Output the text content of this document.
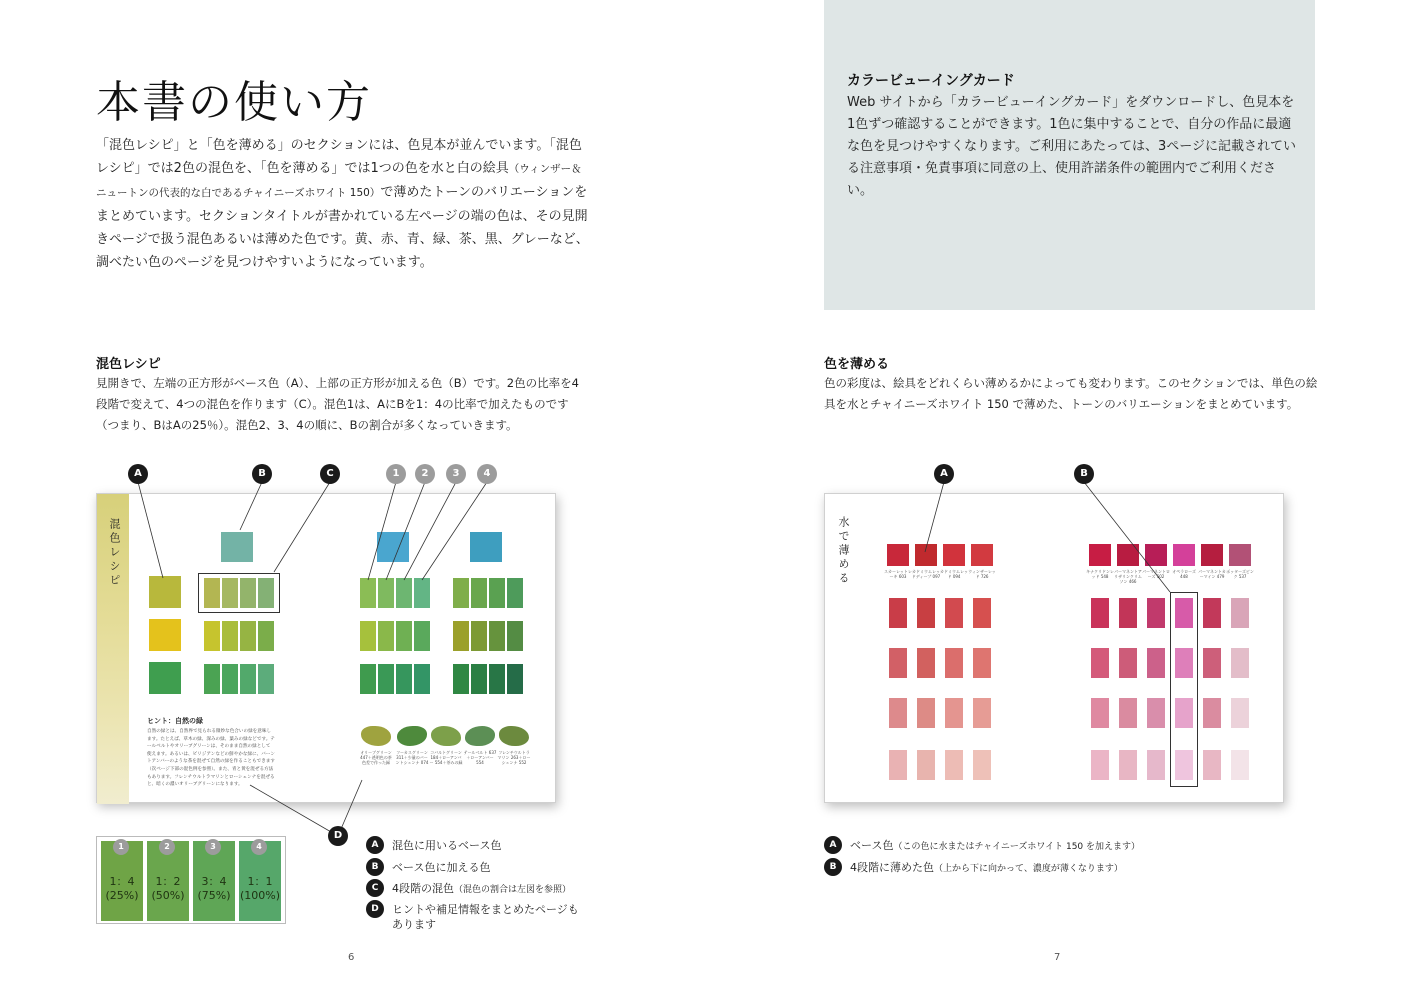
本書の使い方

「混色レシピ」と「色を薄める」のセクションには、色見本が並んでいます。「混色レシピ」では2色の混色を、「色を薄める」では1つの色を水と白の絵具（ウィンザー＆ニュートンの代表的な白であるチャイニーズホワイト 150）で薄めたトーンのバリエーションをまとめています。セクションタイトルが書かれている左ページの端の色は、その見開きページで扱う混色あるいは薄めた色です。黄、赤、青、緑、茶、黒、グレーなど、調べたい色のページを見つけやすいようになっています。

混色レシピ

見開きで、左端の正方形がベース色（A）、上部の正方形が加える色（B）です。2色の比率を4段階で変えて、4つの混色を作ります（C）。混色1は、AにBを1：4の比率で加えたものです（つまり、BはAの25％）。混色2、3、4の順に、Bの割合が多くなっていきます。

混色レシピ
ヒント：自然の緑
自然の緑とは、自然界で見られる微妙な色合いの緑を意味します。たとえば、草木の緑、深みの緑、葉みの緑などです。テールベルトやオリーブグリーンは、そのまま自然の緑として使えます。あるいは、ビリジアンなどの鮮やかな緑に、バーントアンバーのような茶を混ぜて自然の緑を作ることもできます（次ページ下部の混色例を参照）。また、青と黄を混ぜる方法もあります。フレンチウルトラマリンとローシェンナを混ぜると、暗くの濃いオリーブグリーンになります。
オリーブグリーン 447＋透明色の茶色差で作った緑
フーカスグリーン 311＋少量のバーントシェンナ 074
コバルトグリーン 184＋ローアンバー 554＋茶みの緑
テールベルト 637＋ローアンバー 554
フレンチウルトラマリン 263＋ローシェンナ 552
A	B	C	1	2	3	4
D
1	2	3	4
1：4
(25%)
1：2
(50%)
3：4
(75%)
1：1
(100%)
A	混色に用いるベース色
B	ベース色に加える色
C	4段階の混色（混色の割合は左図を参照）
D	ヒントや補足情報をまとめたページもあります
6
カラービューイングカード

Web サイトから「カラービューイングカード」をダウンロードし、色見本を1色ずつ確認することができます。1色に集中することで、自分の作品に最適な色を見つけやすくなります。ご利用にあたっては、3ページに記載されている注意事項・免責事項に同意の上、使用許諾条件の範囲内でご利用ください。

色を薄める

色の彩度は、絵具をどれくらい薄めるかによっても変わります。このセクションでは、単色の絵具を水とチャイニーズホワイト 150 で薄めた、トーンのバリエーションをまとめています。

水で薄める	スカーレットレーキ 603
カドミウムレッドディープ 097
カドミウムレッド 094
ウィンザーレッド 726
キナクリドンレッド 548
パーマネントアリザリンクリムソン 466
パーマネントローズ 502
オペラローズ 448
パーマネントカーマイン 479
ポッターズピンク 537
A	B
A	ベース色（この色に水またはチャイニーズホワイト 150 を加えます）
B	4段階に薄めた色（上から下に向かって、濃度が薄くなります）
7
